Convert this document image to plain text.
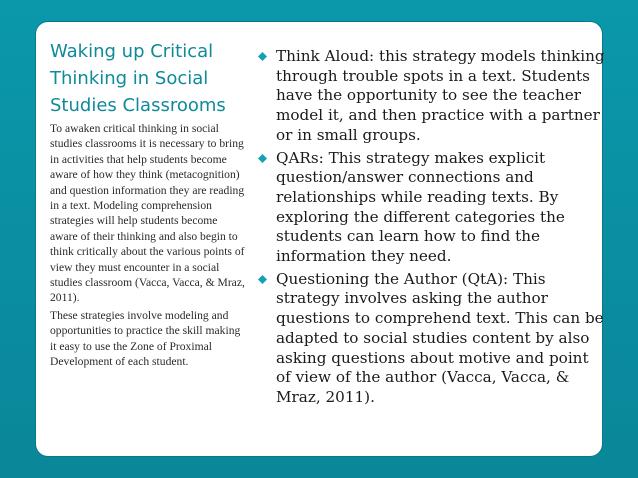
Waking up Critical Thinking in Social Studies Classrooms

To awaken critical thinking in social studies classrooms it is necessary to bring in activities that help students become aware of how they think (metacognition) and question information they are reading in a text. Modeling comprehension strategies will help students become aware of their thinking and also begin to think critically about the various points of view they must encounter in a social studies classroom (Vacca, Vacca, & Mraz, 2011).

These strategies involve modeling and opportunities to practice the skill making it easy to use the Zone of Proximal Development of each student.

Think Aloud: this strategy models thinking through trouble spots in a text. Students have the opportunity to see the teacher model it, and then practice with a partner or in small groups.
QARs: This strategy makes explicit question/answer connections and relationships while reading texts. By exploring the different categories the students can learn how to find the information they need.
Questioning the Author (QtA): This strategy involves asking the author questions to comprehend text. This can be adapted to social studies content by also asking questions about motive and point of view of the author (Vacca, Vacca, & Mraz, 2011).
